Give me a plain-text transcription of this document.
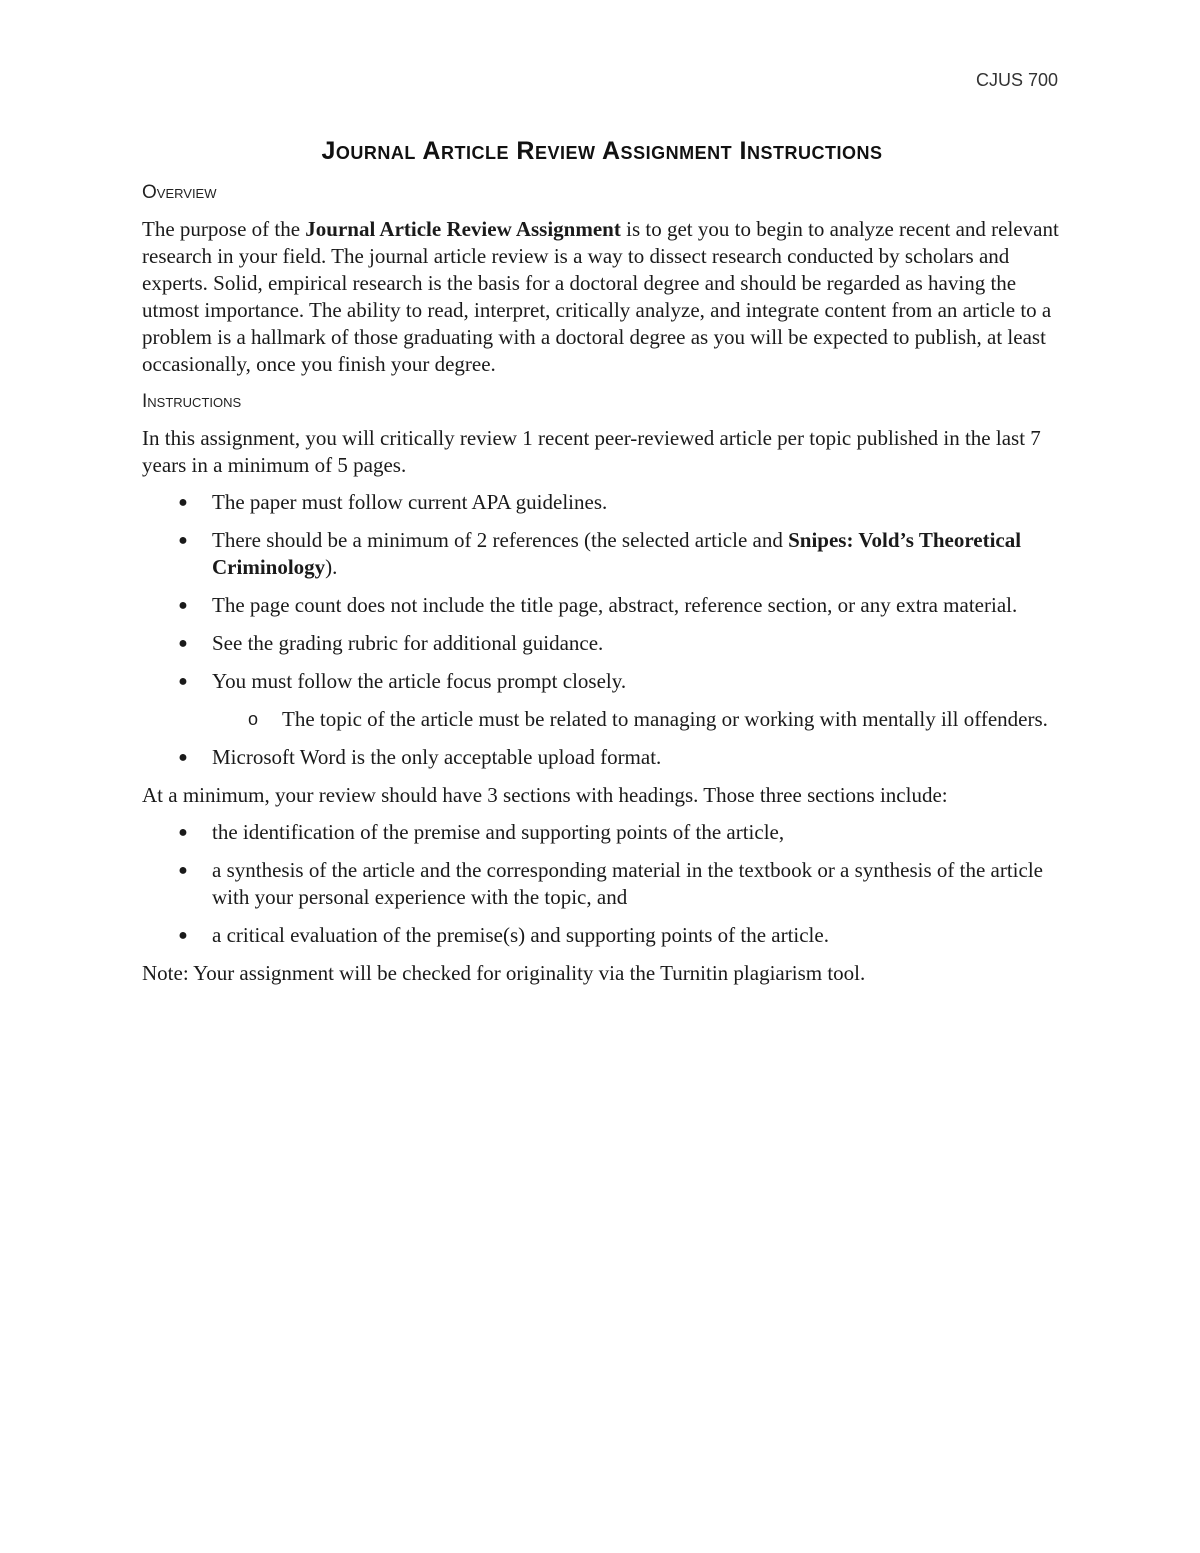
CJUS 700
Journal Article Review Assignment Instructions
Overview

The purpose of the Journal Article Review Assignment is to get you to begin to analyze recent and relevant research in your field. The journal article review is a way to dissect research conducted by scholars and experts. Solid, empirical research is the basis for a doctoral degree and should be regarded as having the utmost importance. The ability to read, interpret, critically analyze, and integrate content from an article to a problem is a hallmark of those graduating with a doctoral degree as you will be expected to publish, at least occasionally, once you finish your degree.

Instructions

In this assignment, you will critically review 1 recent peer-reviewed article per topic published in the last 7 years in a minimum of 5 pages.

● The paper must follow current APA guidelines.
● There should be a minimum of 2 references (the selected article and Snipes: Vold’s Theoretical Criminology).
● The page count does not include the title page, abstract, reference section, or any extra material.
● See the grading rubric for additional guidance.
● You must follow the article focus prompt closely.
o The topic of the article must be related to managing or working with mentally ill offenders.
● Microsoft Word is the only acceptable upload format.

At a minimum, your review should have 3 sections with headings. Those three sections include:

● the identification of the premise and supporting points of the article,
● a synthesis of the article and the corresponding material in the textbook or a synthesis of the article with your personal experience with the topic, and
● a critical evaluation of the premise(s) and supporting points of the article.

Note: Your assignment will be checked for originality via the Turnitin plagiarism tool.
